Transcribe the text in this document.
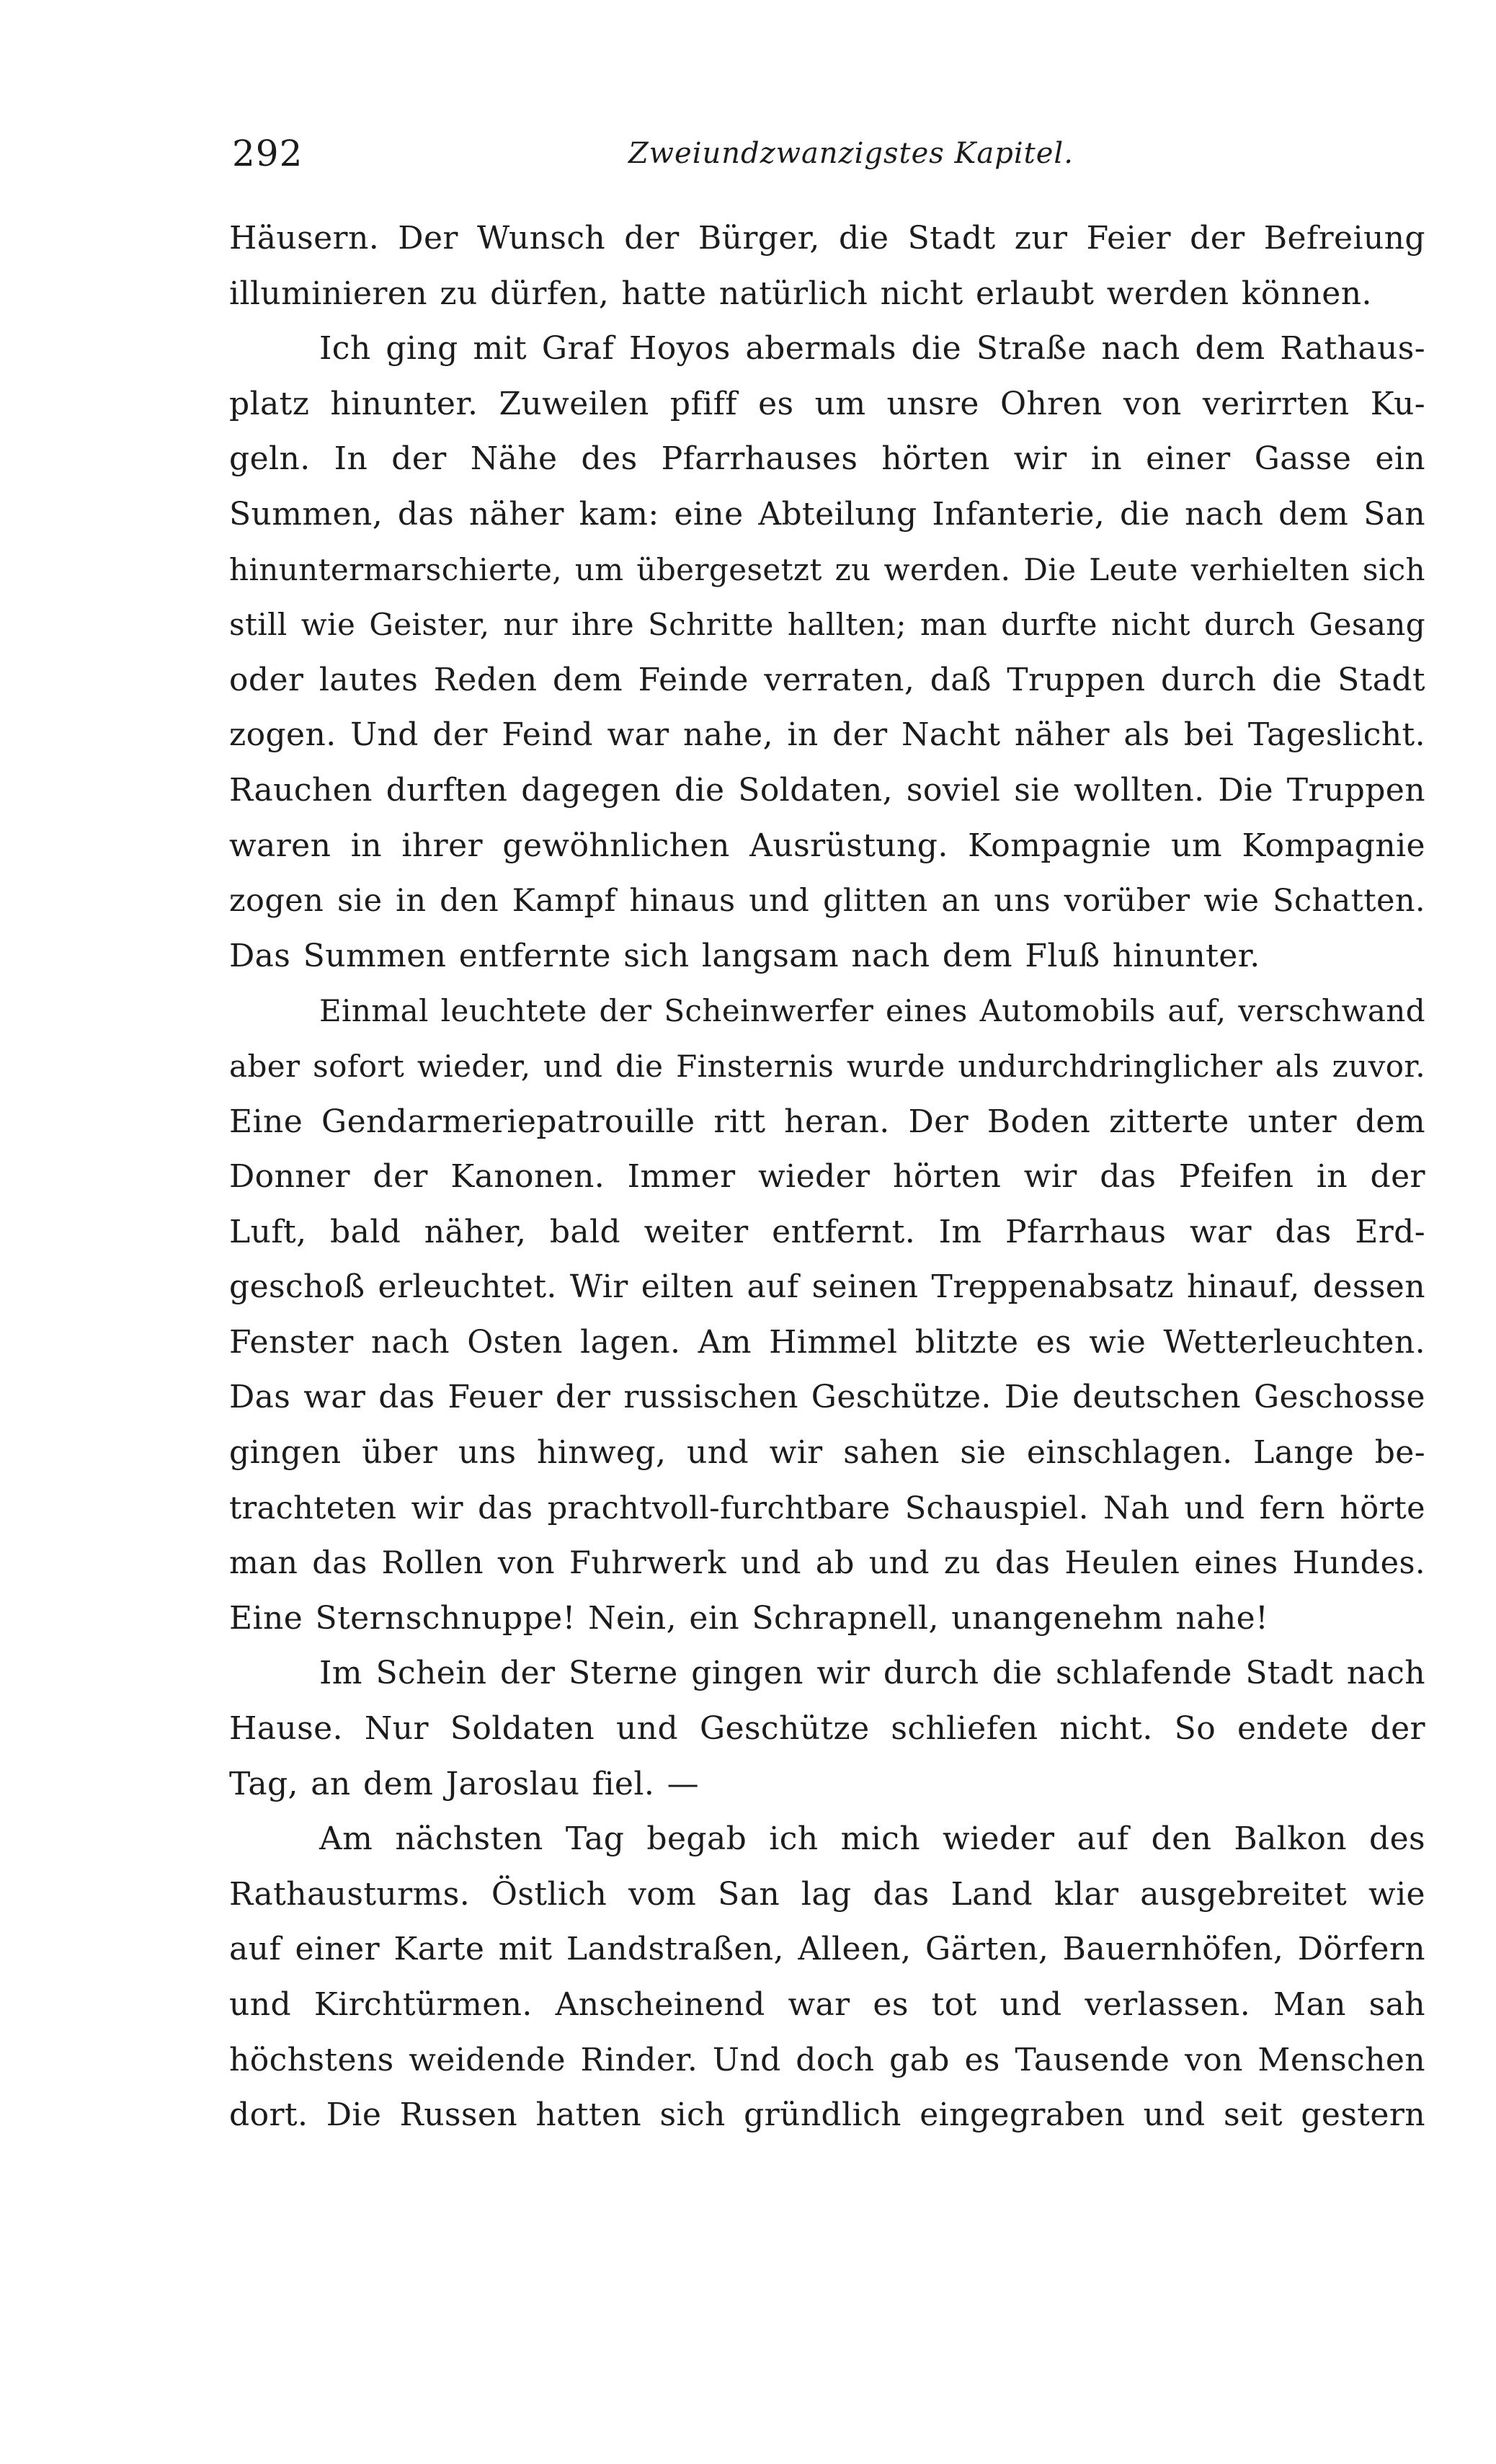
292	Zweiundzwanzigstes Kapitel.
Häusern. Der Wunsch der Bürger, die Stadt zur Feier der Befreiung
illuminieren zu dürfen, hatte natürlich nicht erlaubt werden können.
Ich ging mit Graf Hoyos abermals die Straße nach dem Rathaus-
platz hinunter. Zuweilen pfiff es um unsre Ohren von verirrten Ku-
geln. In der Nähe des Pfarrhauses hörten wir in einer Gasse ein
Summen, das näher kam: eine Abteilung Infanterie, die nach dem San
hinuntermarschierte, um übergesetzt zu werden. Die Leute verhielten sich
still wie Geister, nur ihre Schritte hallten; man durfte nicht durch Gesang
oder lautes Reden dem Feinde verraten, daß Truppen durch die Stadt
zogen. Und der Feind war nahe, in der Nacht näher als bei Tageslicht.
Rauchen durften dagegen die Soldaten, soviel sie wollten. Die Truppen
waren in ihrer gewöhnlichen Ausrüstung. Kompagnie um Kompagnie
zogen sie in den Kampf hinaus und glitten an uns vorüber wie Schatten.
Das Summen entfernte sich langsam nach dem Fluß hinunter.
Einmal leuchtete der Scheinwerfer eines Automobils auf, verschwand
aber sofort wieder, und die Finsternis wurde undurchdringlicher als zuvor.
Eine Gendarmeriepatrouille ritt heran. Der Boden zitterte unter dem
Donner der Kanonen. Immer wieder hörten wir das Pfeifen in der
Luft, bald näher, bald weiter entfernt. Im Pfarrhaus war das Erd-
geschoß erleuchtet. Wir eilten auf seinen Treppenabsatz hinauf, dessen
Fenster nach Osten lagen. Am Himmel blitzte es wie Wetterleuchten.
Das war das Feuer der russischen Geschütze. Die deutschen Geschosse
gingen über uns hinweg, und wir sahen sie einschlagen. Lange be-
trachteten wir das prachtvoll-furchtbare Schauspiel. Nah und fern hörte
man das Rollen von Fuhrwerk und ab und zu das Heulen eines Hundes.
Eine Sternschnuppe! Nein, ein Schrapnell, unangenehm nahe!
Im Schein der Sterne gingen wir durch die schlafende Stadt nach
Hause. Nur Soldaten und Geschütze schliefen nicht. So endete der
Tag, an dem Jaroslau fiel. —
Am nächsten Tag begab ich mich wieder auf den Balkon des
Rathausturms. Östlich vom San lag das Land klar ausgebreitet wie
auf einer Karte mit Landstraßen, Alleen, Gärten, Bauernhöfen, Dörfern
und Kirchtürmen. Anscheinend war es tot und verlassen. Man sah
höchstens weidende Rinder. Und doch gab es Tausende von Menschen
dort. Die Russen hatten sich gründlich eingegraben und seit gestern
